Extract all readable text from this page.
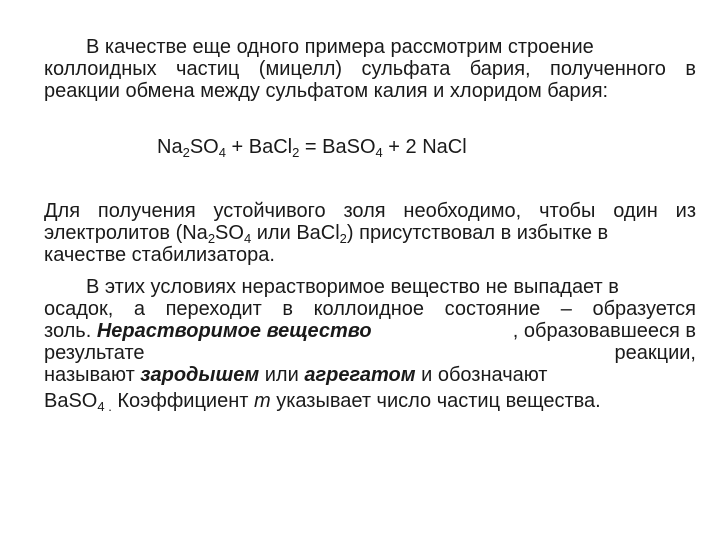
В качестве еще одного примера рассмотрим строение
коллоидных частиц (мицелл) сульфата бария, полученного в
реакции обмена между сульфатом калия и хлоридом бария:
$Na_2SO_4$ + BaCl$_2$ = BaSO$_4$ + 2 NaCl
Для получения устойчивого золя необходимо, чтобы один из
электролитов ($Na_2SO_4$ или BaCl$_2$) присутствовал в избытке в
качестве стабилизатора.
В этих условиях нерастворимое вещество не выпадает в
осадок, а переходит в коллоидное состояние – образуется
золь. Нерастворимое вещество	, образовавшееся в
результате	реакции,
называют зародышем или агрегатом и обозначают
BaSO$_{4 .}$ Коэффициент m указывает число частиц вещества.
